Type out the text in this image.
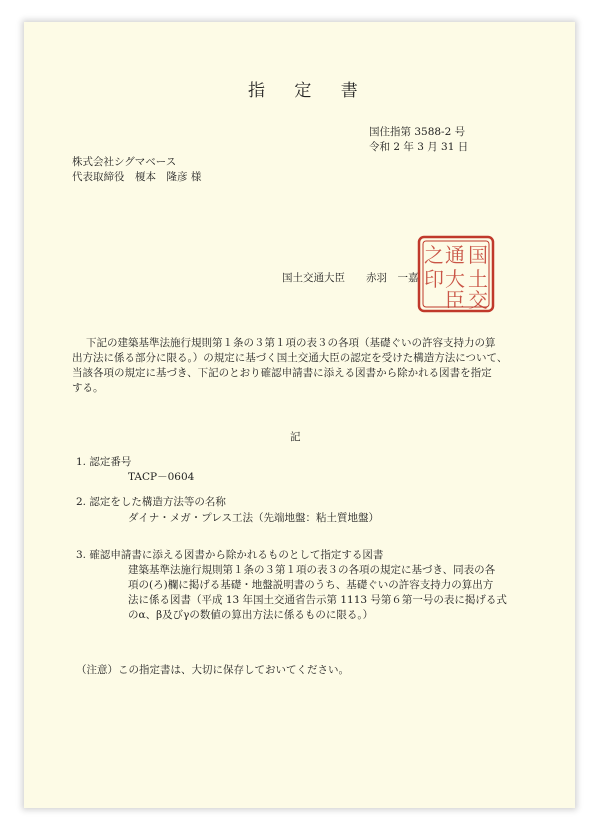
指 定 書
国住指第 3588-2 号
令和 2 年 3 月 31 日
株式会社シグマベース
代表取締役　榎本　隆彦 様
国土交通大臣　　赤羽　一嘉
国
土
交
通
大
臣
之
印
下記の建築基準法施行規則第１条の３第１項の表３の各項（基礎ぐいの許容支持力の算
出方法に係る部分に限る。）の規定に基づく国土交通大臣の認定を受けた構造方法について、
当該各項の規定に基づき、下記のとおり確認申請書に添える図書から除かれる図書を指定
する。
記
1. 認定番号
TACP－0604
2. 認定をした構造方法等の名称
ダイナ・メガ・プレス工法（先端地盤：粘土質地盤）
3. 確認申請書に添える図書から除かれるものとして指定する図書
建築基準法施行規則第１条の３第１項の表３の各項の規定に基づき、同表の各
項の(ろ)欄に掲げる基礎・地盤説明書のうち、基礎ぐいの許容支持力の算出方
法に係る図書（平成 13 年国土交通省告示第 1113 号第６第一号の表に掲げる式
のα、β及びγの数値の算出方法に係るものに限る。）
（注意）この指定書は、大切に保存しておいてください。
